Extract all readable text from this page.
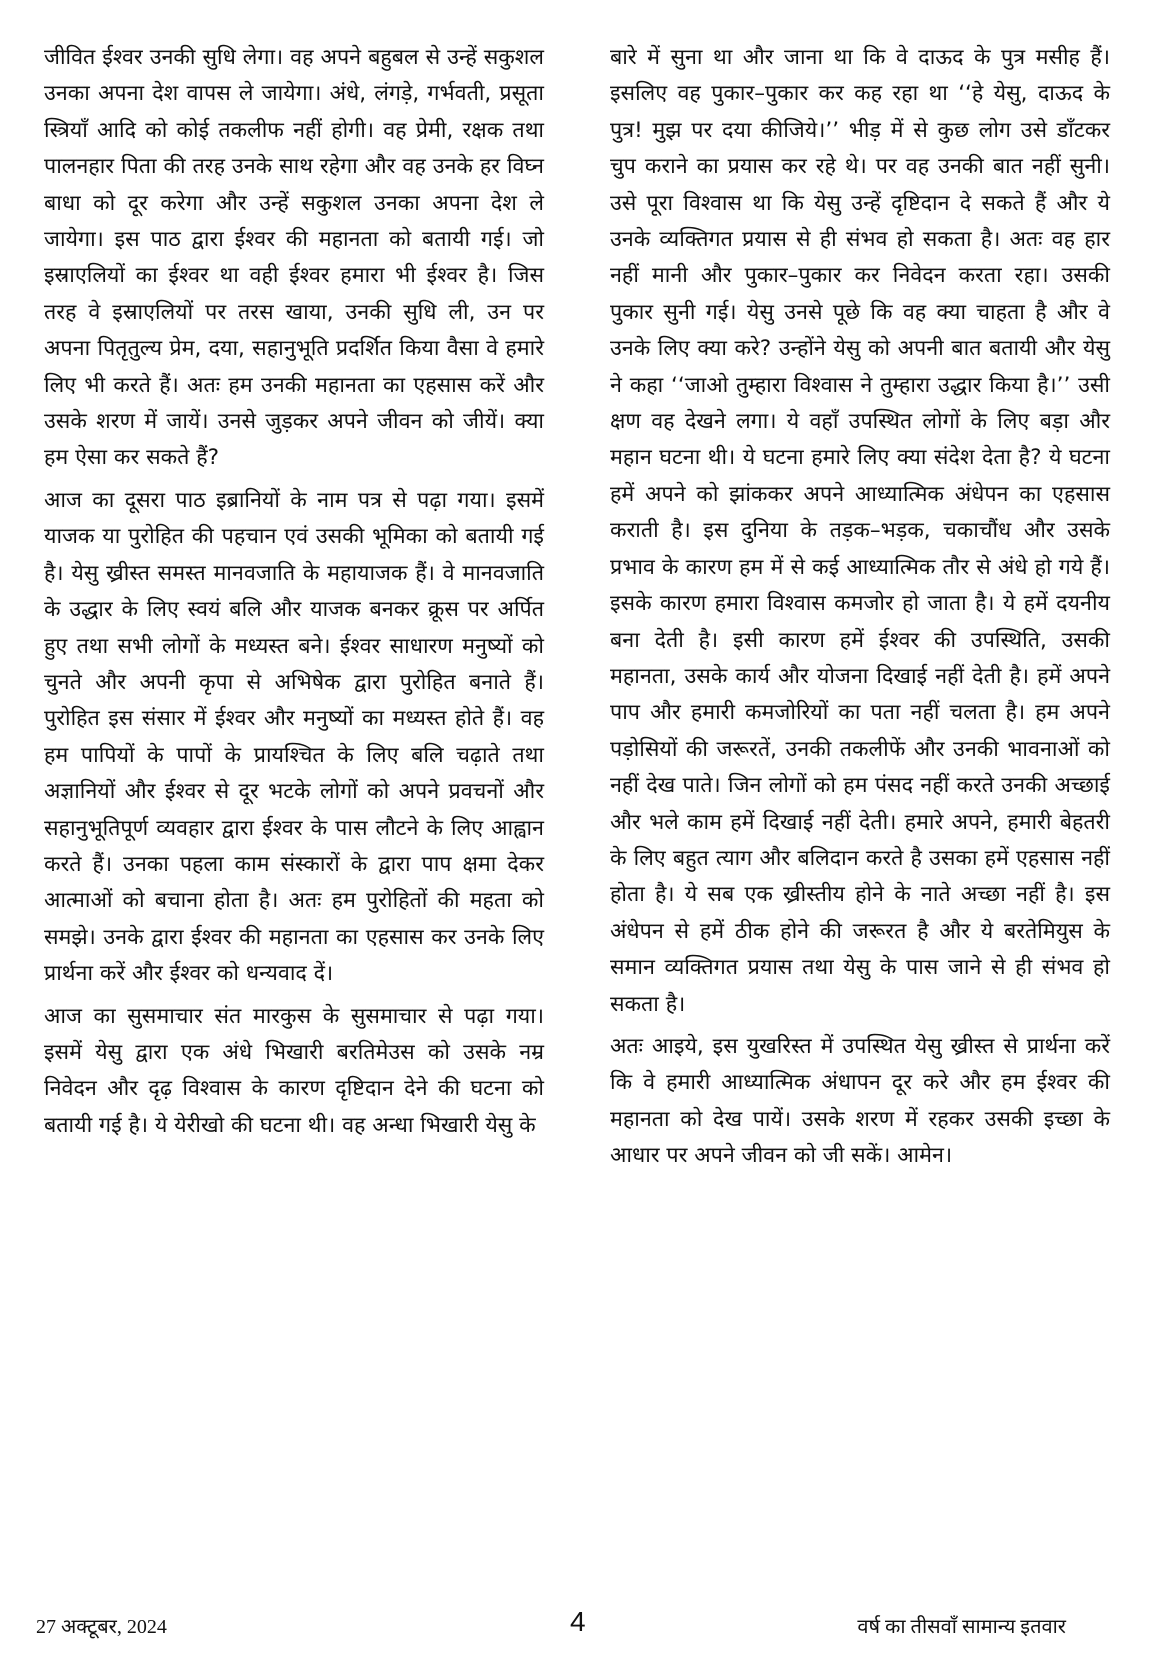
जीवित ईश्वर उनकी सुधि लेगा। वह अपने बहुबल से उन्हें सकुशल उनका अपना देश वापस ले जायेगा। अंधे, लंगड़े, गर्भवती, प्रसूता स्त्रियाँ आदि को कोई तकलीफ नहीं होगी। वह प्रेमी, रक्षक तथा पालनहार पिता की तरह उनके साथ रहेगा और वह उनके हर विघ्न बाधा को दूर करेगा और उन्हें सकुशल उनका अपना देश ले जायेगा। इस पाठ द्वारा ईश्वर की महानता को बतायी गई। जो इस्राएलियों का ईश्वर था वही ईश्वर हमारा भी ईश्वर है। जिस तरह वे इस्राएलियों पर तरस खाया, उनकी सुधि ली, उन पर अपना पितृतुल्य प्रेम, दया, सहानुभूति प्रदर्शित किया वैसा वे हमारे लिए भी करते हैं। अतः हम उनकी महानता का एहसास करें और उसके शरण में जायें। उनसे जुड़कर अपने जीवन को जीयें। क्या हम ऐसा कर सकते हैं?

आज का दूसरा पाठ इब्रानियों के नाम पत्र से पढ़ा गया। इसमें याजक या पुरोहित की पहचान एवं उसकी भूमिका को बतायी गई है। येसु ख्रीस्त समस्त मानवजाति के महायाजक हैं। वे मानवजाति के उद्धार के लिए स्वयं बलि और याजक बनकर क्रूस पर अर्पित हुए तथा सभी लोगों के मध्यस्त बने। ईश्वर साधारण मनुष्यों को चुनते और अपनी कृपा से अभिषेक द्वारा पुरोहित बनाते हैं। पुरोहित इस संसार में ईश्वर और मनुष्यों का मध्यस्त होते हैं। वह हम पापियों के पापों के प्रायश्चित के लिए बलि चढ़ाते तथा अज्ञानियों और ईश्वर से दूर भटके लोगों को अपने प्रवचनों और सहानुभूतिपूर्ण व्यवहार द्वारा ईश्वर के पास लौटने के लिए आह्वान करते हैं। उनका पहला काम संस्कारों के द्वारा पाप क्षमा देकर आत्माओं को बचाना होता है। अतः हम पुरोहितों की महता को समझे। उनके द्वारा ईश्वर की महानता का एहसास कर उनके लिए प्रार्थना करें और ईश्वर को धन्यवाद दें।

आज का सुसमाचार संत मारकुस के सुसमाचार से पढ़ा गया। इसमें येसु द्वारा एक अंधे भिखारी बरतिमेउस को उसके नम्र निवेदन और दृढ़ विश्वास के कारण दृष्टिदान देने की घटना को बतायी गई है। ये येरीखो की घटना थी। वह अन्धा भिखारी येसु के

बारे में सुना था और जाना था कि वे दाऊद के पुत्र मसीह हैं। इसलिए वह पुकार–पुकार कर कह रहा था ‘‘हे येसु, दाऊद के पुत्र! मुझ पर दया कीजिये।’’ भीड़ में से कुछ लोग उसे डाँटकर चुप कराने का प्रयास कर रहे थे। पर वह उनकी बात नहीं सुनी। उसे पूरा विश्वास था कि येसु उन्हें दृष्टिदान दे सकते हैं और ये उनके व्यक्तिगत प्रयास से ही संभव हो सकता है। अतः वह हार नहीं मानी और पुकार–पुकार कर निवेदन करता रहा। उसकी पुकार सुनी गई। येसु उनसे पूछे कि वह क्या चाहता है और वे उनके लिए क्या करे? उन्होंने येसु को अपनी बात बतायी और येसु ने कहा ‘‘जाओ तुम्हारा विश्वास ने तुम्हारा उद्धार किया है।’’ उसी क्षण वह देखने लगा। ये वहाँ उपस्थित लोगों के लिए बड़ा और महान घटना थी। ये घटना हमारे लिए क्या संदेश देता है? ये घटना हमें अपने को झांककर अपने आध्यात्मिक अंधेपन का एहसास कराती है। इस दुनिया के तड़क–भड़क, चकाचौंध और उसके प्रभाव के कारण हम में से कई आध्यात्मिक तौर से अंधे हो गये हैं। इसके कारण हमारा विश्वास कमजोर हो जाता है। ये हमें दयनीय बना देती है। इसी कारण हमें ईश्वर की उपस्थिति, उसकी महानता, उसके कार्य और योजना दिखाई नहीं देती है। हमें अपने पाप और हमारी कमजोरियों का पता नहीं चलता है। हम अपने पड़ोसियों की जरूरतें, उनकी तकलीफें और उनकी भावनाओं को नहीं देख पाते। जिन लोगों को हम पंसद नहीं करते उनकी अच्छाई और भले काम हमें दिखाई नहीं देती। हमारे अपने, हमारी बेहतरी के लिए बहुत त्याग और बलिदान करते है उसका हमें एहसास नहीं होता है। ये सब एक ख्रीस्तीय होने के नाते अच्छा नहीं है। इस अंधेपन से हमें ठीक होने की जरूरत है और ये बरतेमियुस के समान व्यक्तिगत प्रयास तथा येसु के पास जाने से ही संभव हो सकता है।

अतः आइये, इस युखरिस्त में उपस्थित येसु ख्रीस्त से प्रार्थना करें कि वे हमारी आध्यात्मिक अंधापन दूर करे और हम ईश्वर की महानता को देख पायें। उसके शरण में रहकर उसकी इच्छा के आधार पर अपने जीवन को जी सकें। आमेन।

27 अक्टूबर, 2024	4	वर्ष का तीसवाँ सामान्य इतवार
